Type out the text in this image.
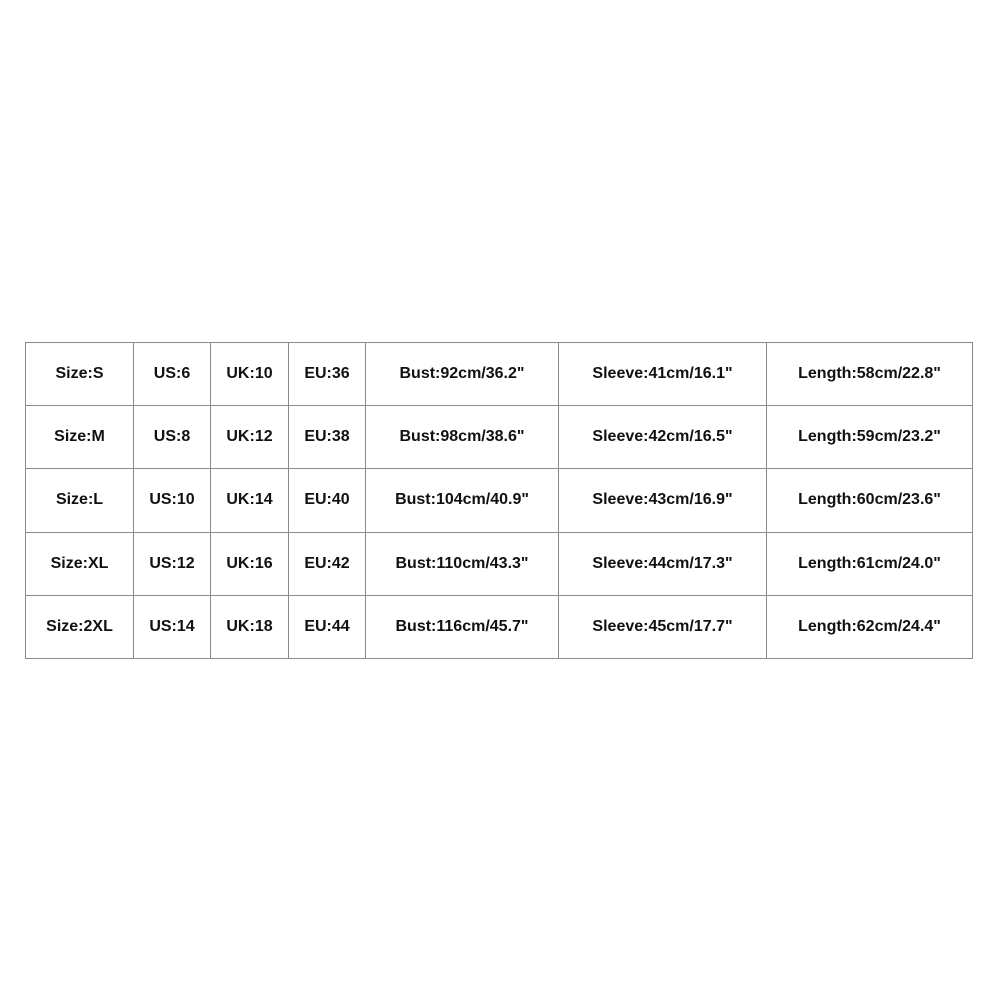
Size:S	US:6	UK:10	EU:36	Bust:92cm/36.2"	Sleeve:41cm/16.1"	Length:58cm/22.8"
Size:M	US:8	UK:12	EU:38	Bust:98cm/38.6"	Sleeve:42cm/16.5"	Length:59cm/23.2"
Size:L	US:10	UK:14	EU:40	Bust:104cm/40.9"	Sleeve:43cm/16.9"	Length:60cm/23.6"
Size:XL	US:12	UK:16	EU:42	Bust:110cm/43.3"	Sleeve:44cm/17.3"	Length:61cm/24.0"
Size:2XL	US:14	UK:18	EU:44	Bust:116cm/45.7"	Sleeve:45cm/17.7"	Length:62cm/24.4"
